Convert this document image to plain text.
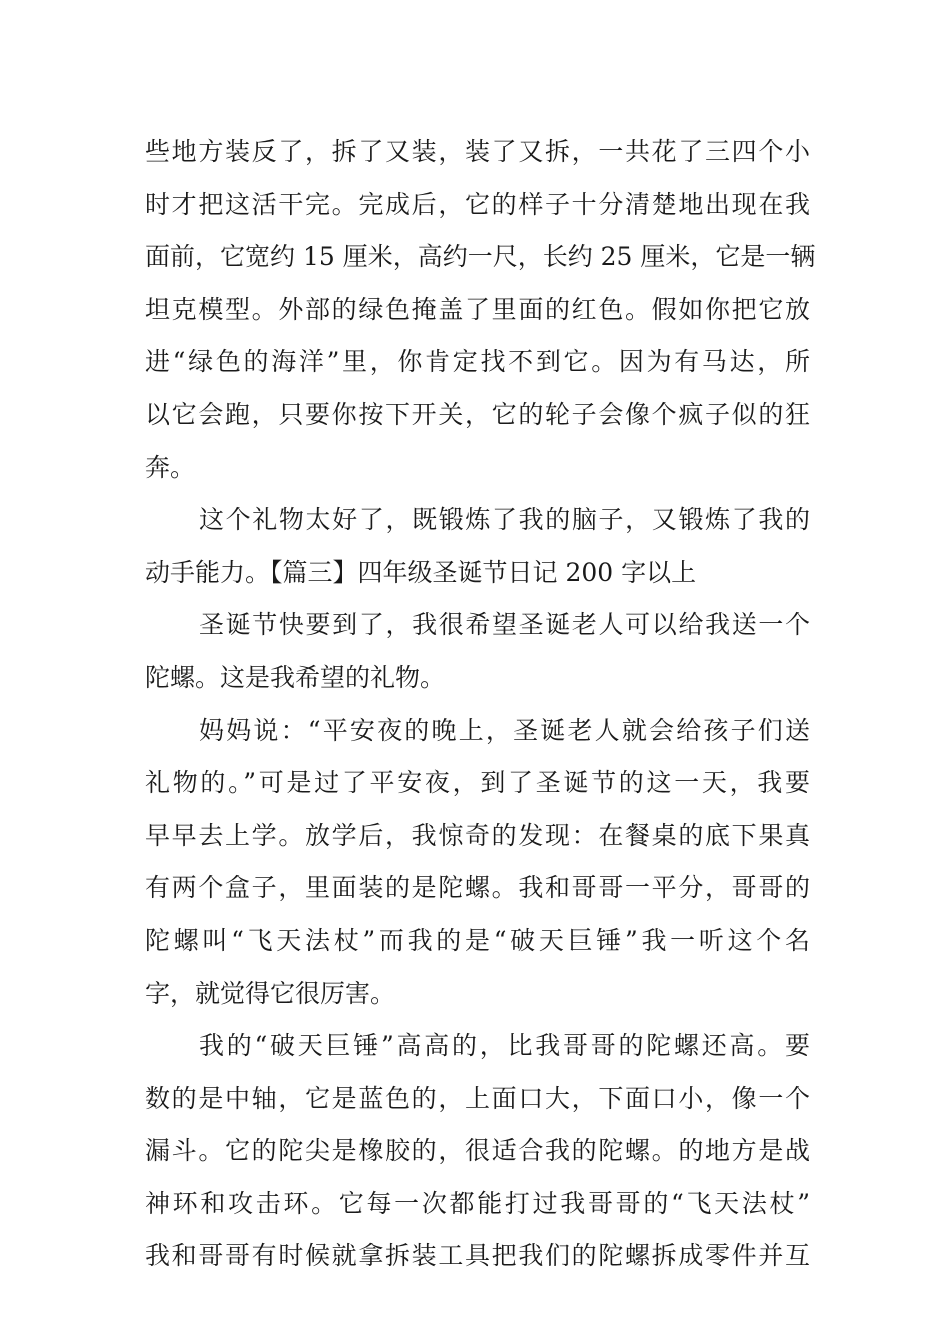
些地方装反了，拆了又装，装了又拆，一共花了三四个小
时才把这活干完。完成后，它的样子十分清楚地出现在我
面前，它宽约 15 厘米，高约一尺，长约 25 厘米，它是一辆
坦克模型。外部的绿色掩盖了里面的红色。假如你把它放
进“绿色的海洋”里，你肯定找不到它。因为有马达，所
以它会跑，只要你按下开关，它的轮子会像个疯子似的狂
奔。
这个礼物太好了，既锻炼了我的脑子，又锻炼了我的
动手能力。【篇三】四年级圣诞节日记 200 字以上
圣诞节快要到了，我很希望圣诞老人可以给我送一个
陀螺。这是我希望的礼物。
妈妈说：“平安夜的晚上，圣诞老人就会给孩子们送
礼物的。”可是过了平安夜，到了圣诞节的这一天，我要
早早去上学。放学后，我惊奇的发现：在餐桌的底下果真
有两个盒子，里面装的是陀螺。我和哥哥一平分，哥哥的
陀螺叫“飞天法杖”而我的是“破天巨锤”我一听这个名
字，就觉得它很厉害。
我的“破天巨锤”高高的，比我哥哥的陀螺还高。要
数的是中轴，它是蓝色的，上面口大，下面口小，像一个
漏斗。它的陀尖是橡胶的，很适合我的陀螺。的地方是战
神环和攻击环。它每一次都能打过我哥哥的“飞天法杖”
我和哥哥有时候就拿拆装工具把我们的陀螺拆成零件并互
